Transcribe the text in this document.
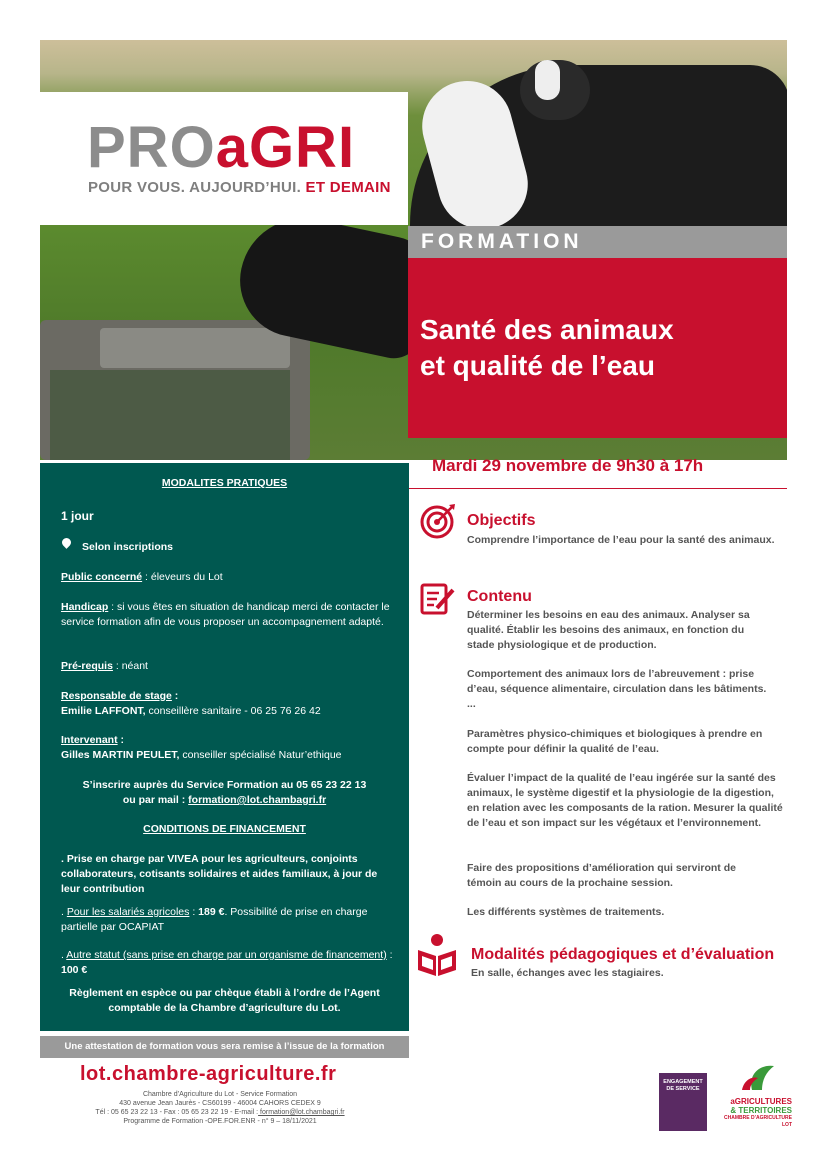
PROaGRI
POUR VOUS. AUJOURD’HUI. ET DEMAIN
FORMATION
Santé des animaux
et qualité de l’eau
Mardi 29 novembre de 9h30 à 17h
MODALITES PRATIQUES
1 jour
Selon inscriptions
Public concerné : éleveurs du Lot
Handicap : si vous êtes en situation de handicap merci de contacter le service formation afin de vous proposer un accompagnement adapté.
Pré-requis : néant
Responsable de stage :
Emilie LAFFONT, conseillère sanitaire - 06 25 76 26 42
Intervenant :
Gilles MARTIN PEULET, conseiller spécialisé Natur’ethique
S’inscrire auprès du Service Formation au 05 65 23 22 13
ou par mail : formation@lot.chambagri.fr
CONDITIONS DE FINANCEMENT
. Prise en charge par VIVEA pour les agriculteurs, conjoints collaborateurs, cotisants solidaires et aides familiaux, à jour de leur contribution
. Pour les salariés agricoles : 189 €. Possibilité de prise en charge partielle par OCAPIAT
. Autre statut (sans prise en charge par un organisme de financement) : 100 €
Règlement en espèce ou par chèque établi à l’ordre de l’Agent comptable de la Chambre d’agriculture du Lot.
Une attestation de formation vous sera remise à l’issue de la formation
Objectifs
Comprendre l’importance de l’eau pour la santé des animaux.
Contenu
Déterminer les besoins en eau des animaux. Analyser sa qualité. Établir les besoins des animaux, en fonction du stade physiologique et de production.
Comportement des animaux lors de l’abreuvement : prise d’eau, séquence alimentaire, circulation dans les bâtiments. ...
Paramètres physico-chimiques et biologiques à prendre en compte pour définir la qualité de l’eau.
Évaluer l’impact de la qualité de l’eau ingérée sur la santé des animaux, le système digestif et la physiologie de la digestion, en relation avec les composants de la ration. Mesurer la qualité de l’eau et son impact sur les végétaux et l’environnement.
Faire des propositions d’amélioration qui serviront de témoin au cours de la prochaine session.
Les différents systèmes de traitements.
Modalités pédagogiques et d’évaluation
En salle, échanges avec les stagiaires.
lot.chambre-agriculture.fr
Chambre d’Agriculture du Lot - Service Formation
430 avenue Jean Jaurès - CS60199 - 46004 CAHORS CEDEX 9
Tél : 05 65 23 22 13 - Fax : 05 65 23 22 19 - E-mail : formation@lot.chambagri.fr
Programme de Formation -OPE.FOR.ENR - n° 9 – 18/11/2021
ENGAGEMENT DE SERVICE
aGRICULTURES
& TERRITOIRES
CHAMBRE D’AGRICULTURE
LOT
